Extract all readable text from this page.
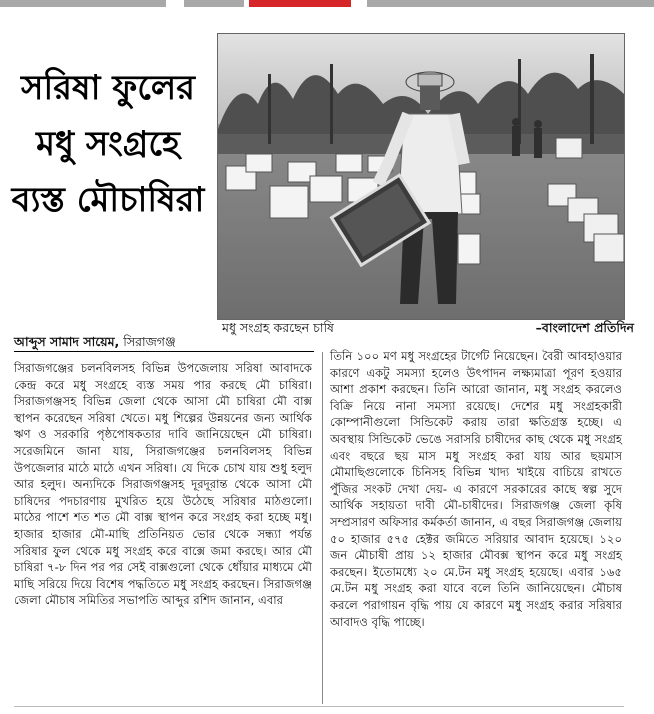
সরিষা ফুলের মধু সংগ্রহে ব্যস্ত মৌচাষিরা
মধু সংগ্রহ করছেন চাষি	–বাংলাদেশ প্রতিদিন
আব্দুস সামাদ সায়েম, সিরাজগঞ্জ
সিরাজগঞ্জের চলনবিলসহ বিভিন্ন উপজেলায় সরিষা আবাদকে কেন্দ্র করে মধু সংগ্রহে ব্যস্ত সময় পার করছে মৌ চাষিরা। সিরাজগঞ্জসহ বিভিন্ন জেলা থেকে আসা মৌ চাষিরা মৌ বাক্স স্থাপন করেছেন সরিষা খেতে। মধু শিল্পের উন্নয়নের জন্য আর্থিক ঋণ ও সরকারি পৃষ্ঠপোষকতার দাবি জানিয়েছেন মৌ চাষিরা। সরেজমিনে জানা যায়, সিরাজগঞ্জের চলনবিলসহ বিভিন্ন উপজেলার মাঠে মাঠে এখন সরিষা। যে দিকে চোখ যায় শুধু হলুদ আর হলুদ। অন্যদিকে সিরাজগঞ্জসহ দূরদূরান্ত থেকে আসা মৌ চাষিদের পদচারণায় মুখরিত হয়ে উঠেছে সরিষার মাঠগুলো। মাঠের পাশে শত শত মৌ বাক্স স্থাপন করে সংগ্রহ করা হচ্ছে মধু। হাজার হাজার মৌ-মাছি প্রতিনিয়ত ভোর থেকে সন্ধ্যা পর্যন্ত সরিষার ফুল থেকে মধু সংগ্রহ করে বাক্সে জমা করছে। আর মৌ চাষিরা ৭-৮ দিন পর পর সেই বাক্সগুলো থেকে ধোঁয়ার মাধ্যমে মৌ মাছি সরিয়ে দিয়ে বিশেষ পদ্ধতিতে মধু সংগ্রহ করছেন। সিরাজগঞ্জ জেলা মৌচাষ সমিতির সভাপতি আব্দুর রশিদ জানান, এবার
তিনি ১০০ মণ মধু সংগ্রহের টার্গেট নিয়েছেন। বৈরী আবহাওয়ার কারণে একটু সমস্যা হলেও উৎপাদন লক্ষ্যমাত্রা পূরণ হওয়ার আশা প্রকাশ করছেন। তিনি আরো জানান, মধু সংগ্রহ করলেও বিক্রি নিয়ে নানা সমস্যা রয়েছে। দেশের মধু সংগ্রহকারী কোম্পানীগুলো সিন্ডিকেট করায় তারা ক্ষতিগ্রস্ত হচ্ছে। এ অবস্থায় সিন্ডিকেট ভেঙে সরাসরি চাষীদের কাছ থেকে মধু সংগ্রহ এবং বছরে ছয় মাস মধু সংগ্রহ করা যায় আর ছয়মাস মৌমাছিগুলোকে চিনিসহ বিভিন্ন খাদ্য খাইয়ে বাচিয়ে রাখতে পুঁজির সংকট দেখা দেয়- এ কারণে সরকারের কাছে স্বল্প সুদে আর্থিক সহায়তা দাবী মৌ-চাষীদের। সিরাজগঞ্জ জেলা কৃষি সম্প্রসারণ অফিসার কর্মকর্তা জানান, এ বছর সিরাজগঞ্জ জেলায় ৫০ হাজার ৫৭৫ হেক্টর জমিতে সরিয়ার আবাদ হয়েছে। ১২০ জন মৌচাষী প্রায় ১২ হাজার মৌবক্স স্থাপন করে মধু সংগ্রহ করছেন। ইতোমধ্যে ২০ মে.টন মধু সংগ্রহ হয়েছে। এবার ১৬৫ মে.টন মধু সংগ্রহ করা যাবে বলে তিনি জানিয়েছেন। মৌচাষ করলে পরাগায়ন বৃদ্ধি পায় যে কারণে মধু সংগ্রহ করার সরিষার আবাদও বৃদ্ধি পাচ্ছে।
